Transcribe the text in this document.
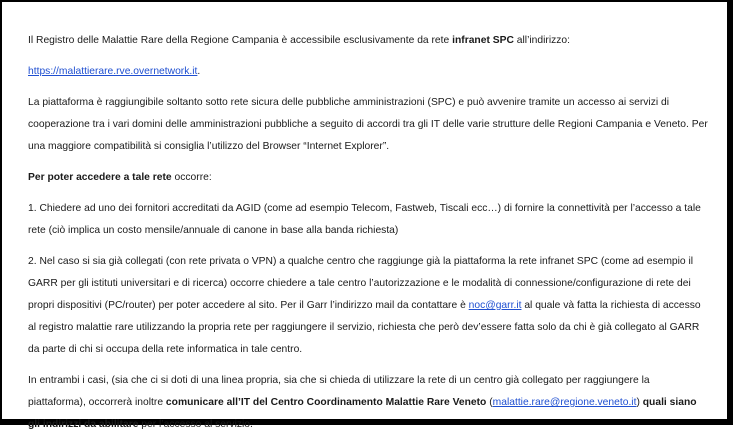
Il Registro delle Malattie Rare della Regione Campania è accessibile esclusivamente da rete infranet SPC all’indirizzo:

https://malattierare.rve.overnetwork.it.

La piattaforma è raggiungibile soltanto sotto rete sicura delle pubbliche amministrazioni (SPC) e può avvenire tramite un accesso ai servizi di cooperazione tra i vari domini delle amministrazioni pubbliche a seguito di accordi tra gli IT delle varie strutture delle Regioni Campania e Veneto. Per una maggiore compatibilità si consiglia l’utilizzo del Browser “Internet Explorer”.

Per poter accedere a tale rete occorre:

1. Chiedere ad uno dei fornitori accreditati da AGID (come ad esempio Telecom, Fastweb, Tiscali ecc…) di fornire la connettività per l’accesso a tale rete (ciò implica un costo mensile/annuale di canone in base alla banda richiesta)

2. Nel caso si sia già collegati (con rete privata o VPN) a qualche centro che raggiunge già la piattaforma la rete infranet SPC (come ad esempio il GARR per gli istituti universitari e di ricerca) occorre chiedere a tale centro l’autorizzazione e le modalità di connessione/configurazione di rete dei propri dispositivi (PC/router) per poter accedere al sito. Per il Garr l’indirizzo mail da contattare è noc@garr.it al quale và fatta la richiesta di accesso al registro malattie rare utilizzando la propria rete per raggiungere il servizio, richiesta che però dev’essere fatta solo da chi è già collegato al GARR da parte di chi si occupa della rete informatica in tale centro.

In entrambi i casi, (sia che ci si doti di una linea propria, sia che si chieda di utilizzare la rete di un centro già collegato per raggiungere la piattaforma), occorrerà inoltre comunicare all’IT del Centro Coordinamento Malattie Rare Veneto (malattie.rare@regione.veneto.it) quali siano gli indirizzi da abilitare per l’accesso al servizio.
